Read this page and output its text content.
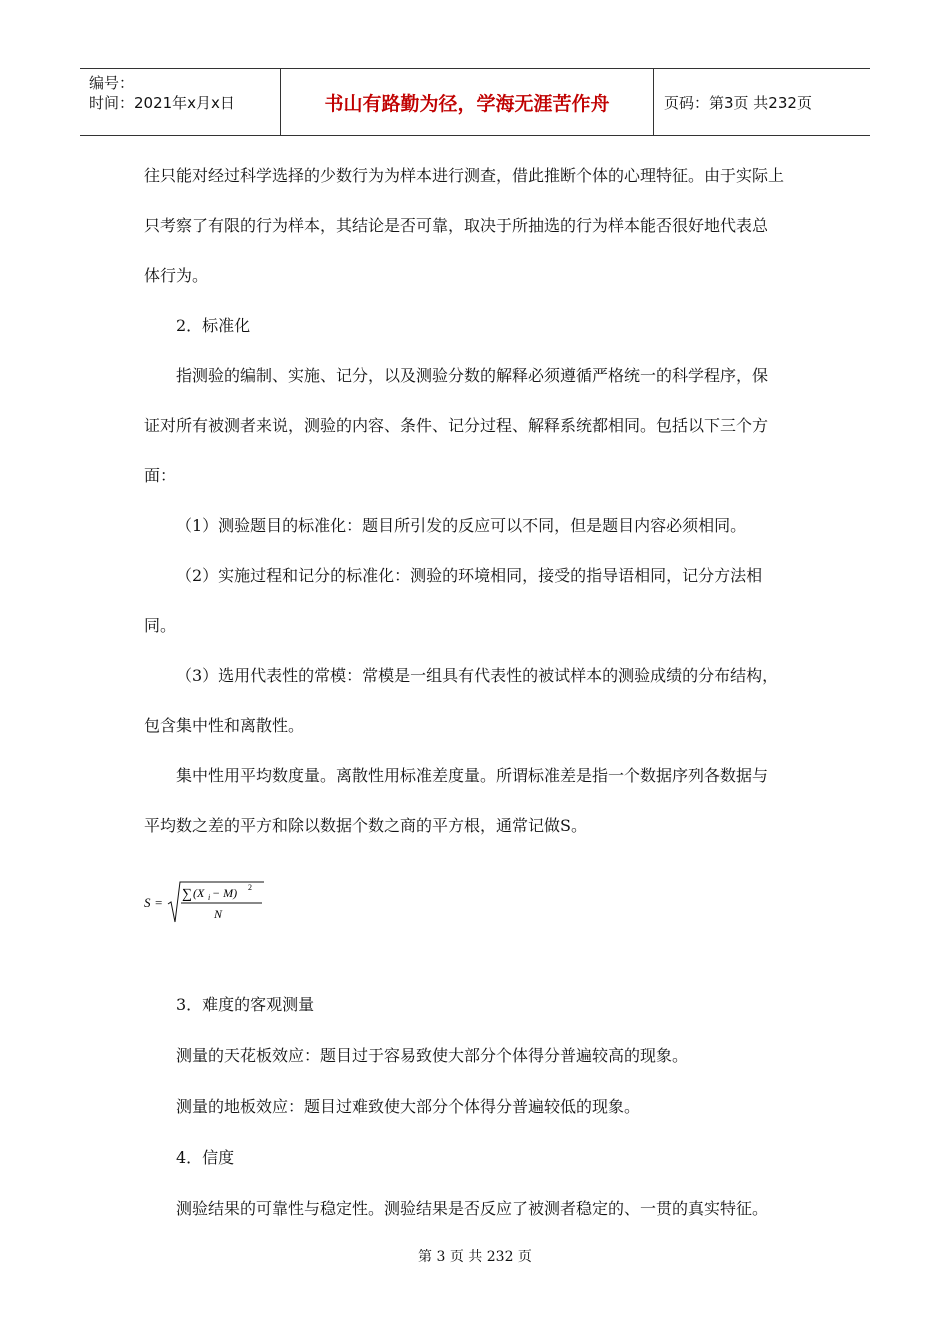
编号：
时间：2021年x月x日	书山有路勤为径，学海无涯苦作舟	页码：第3页 共232页

往只能对经过科学选择的少数行为为样本进行测查，借此推断个体的心理特征。由于实际上

只考察了有限的行为样本，其结论是否可靠，取决于所抽选的行为样本能否很好地代表总

体行为。

2．标准化

指测验的编制、实施、记分，以及测验分数的解释必须遵循严格统一的科学程序，保

证对所有被测者来说，测验的内容、条件、记分过程、解释系统都相同。包括以下三个方

面：

（1）测验题目的标准化：题目所引发的反应可以不同，但是题目内容必须相同。

（2）实施过程和记分的标准化：测验的环境相同，接受的指导语相同，记分方法相

同。

（3）选用代表性的常模：常模是一组具有代表性的被试样本的测验成绩的分布结构，

包含集中性和离散性。

集中性用平均数度量。离散性用标准差度量。所谓标准差是指一个数据序列各数据与

平均数之差的平方和除以数据个数之商的平方根，通常记做S。

S =
∑ (X i − M) 2
N

3．难度的客观测量

测量的天花板效应：题目过于容易致使大部分个体得分普遍较高的现象。

测量的地板效应：题目过难致使大部分个体得分普遍较低的现象。

4．信度

测验结果的可靠性与稳定性。测验结果是否反应了被测者稳定的、一贯的真实特征。

第 3 页 共 232 页
